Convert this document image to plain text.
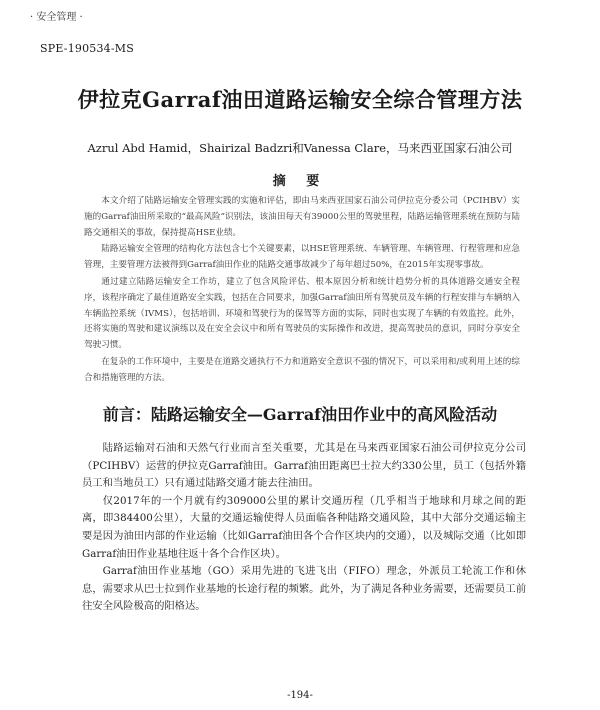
· 安全管理 ·
SPE-190534-MS
伊拉克Garraf油田道路运输安全综合管理方法
Azrul Abd Hamid，Shairizal Badzri和Vanessa Clare，马来西亚国家石油公司
摘 要

本文介绍了陆路运输安全管理实践的实施和评估，即由马来西亚国家石油公司伊拉克分委公司（PCIHBV）实施的Garraf油田所采取的“最高风险”识别法，该油田每天有39000公里的驾驶里程，陆路运输管理系统在预防与陆路交通相关的事故，保持提高HSE业绩。

陆路运输安全管理的结构化方法包含七个关键要素，以HSE管理系统、车辆管理、车辆管理、行程管理和应急管理，主要管理方法被得到Garraf油田作业的陆路交通事故减少了每年超过50%，在2015年实现零事故。

通过建立陆路运输安全工作坊，建立了包含风险评估、根本原因分析和统计趋势分析的具体道路交通安全程序，该程序确定了最佳道路安全实践，包括在合同要求，加强Garraf油田所有驾驶员及车辆的行程安排与车辆纳入车辆监控系统（IVMS），包括培训、环境和驾驶行为的保驾等方面的实际，同时也实现了车辆的有效监控。此外，还将实施的驾驶和建议演练以及在安全会议中和所有驾驶员的实际操作和改进，提高驾驶员的意识，同时分享安全驾驶习惯。

在复杂的工作环境中，主要是在道路交通执行不力和道路安全意识不强的情况下，可以采用和/或利用上述的综合和措施管理的方法。

前言：陆路运输安全—Garraf油田作业中的高风险活动

陆路运输对石油和天然气行业而言至关重要，尤其是在马来西亚国家石油公司伊拉克分公司（PCIHBV）运营的伊拉克Garraf油田。Garraf油田距离巴士拉大约330公里，员工（包括外籍员工和当地员工）只有通过陆路交通才能去往油田。

仅2017年的一个月就有约309000公里的累计交通历程（几乎相当于地球和月球之间的距离，即384400公里），大量的交通运输使得人员面临各种陆路交通风险，其中大部分交通运输主要是因为油田内部的作业运输（比如Garraf油田各个合作区块内的交通），以及城际交通（比如即Garraf油田作业基地往返十各个合作区块）。

Garraf油田作业基地（GO）采用先进的飞进飞出（FIFO）理念，外派员工轮流工作和休息，需要求从巴士拉到作业基地的长途行程的频繁。此外，为了满足各种业务需要，还需要员工前往安全风险极高的阳格达。

-194-
